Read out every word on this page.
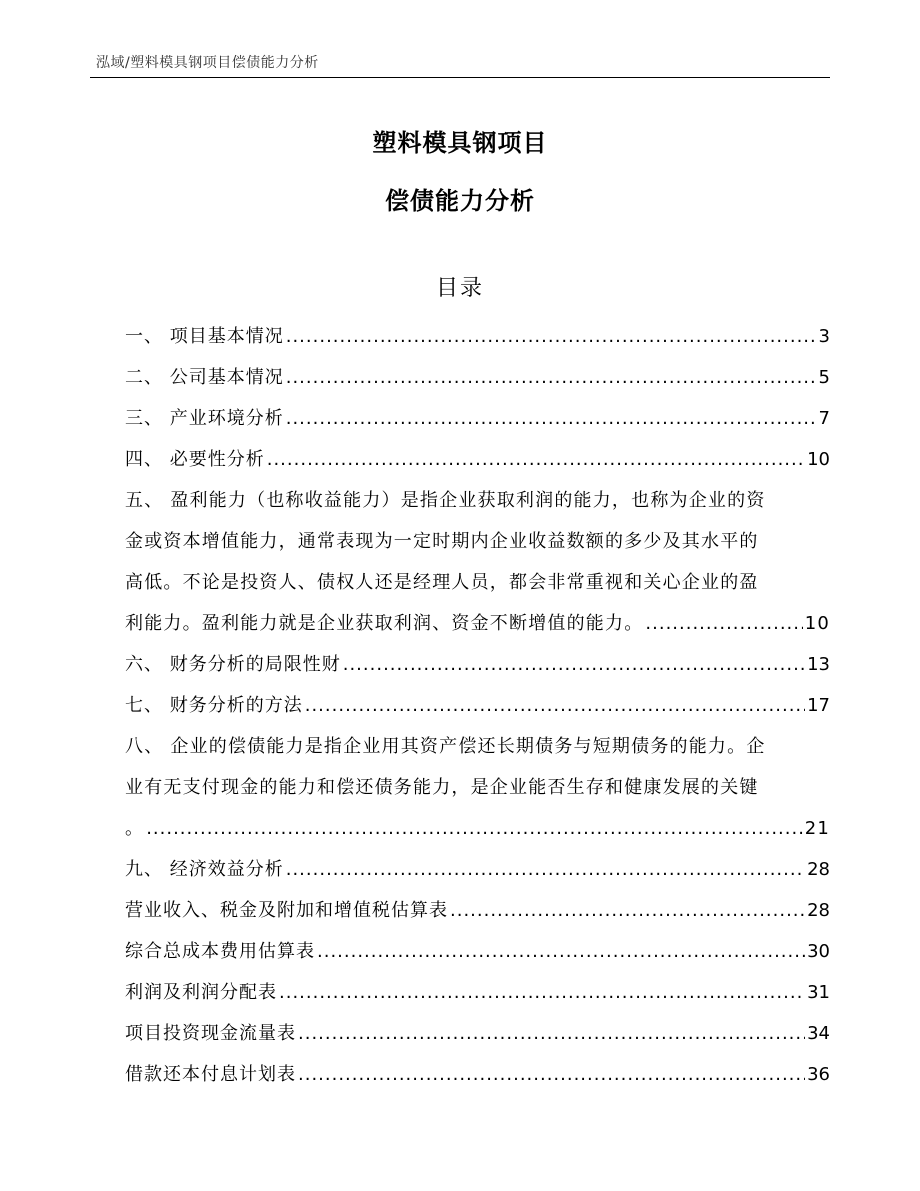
泓域/塑料模具钢项目偿债能力分析
塑料模具钢项目
偿债能力分析
目录
一、 项目基本情况 .....	3
二、 公司基本情况 .....	5
三、 产业环境分析 .....	7
四、 必要性分析 .....	10
五、 盈利能力（也称收益能力）是指企业获取利润的能力，也称为企业的资
金或资本增值能力，通常表现为一定时期内企业收益数额的多少及其水平的
高低。不论是投资人、债权人还是经理人员，都会非常重视和关心企业的盈
利能力。盈利能力就是企业获取利润、资金不断增值的能力。 .....	10
六、 财务分析的局限性财 .....	13
七、 财务分析的方法 .....	17
八、 企业的偿债能力是指企业用其资产偿还长期债务与短期债务的能力。企
业有无支付现金的能力和偿还债务能力，是企业能否生存和健康发展的关键
。 .....	21
九、 经济效益分析 .....	28
营业收入、税金及附加和增值税估算表 .....	28
综合总成本费用估算表 .....	30
利润及利润分配表 .....	31
项目投资现金流量表 .....	34
借款还本付息计划表 .....	36
